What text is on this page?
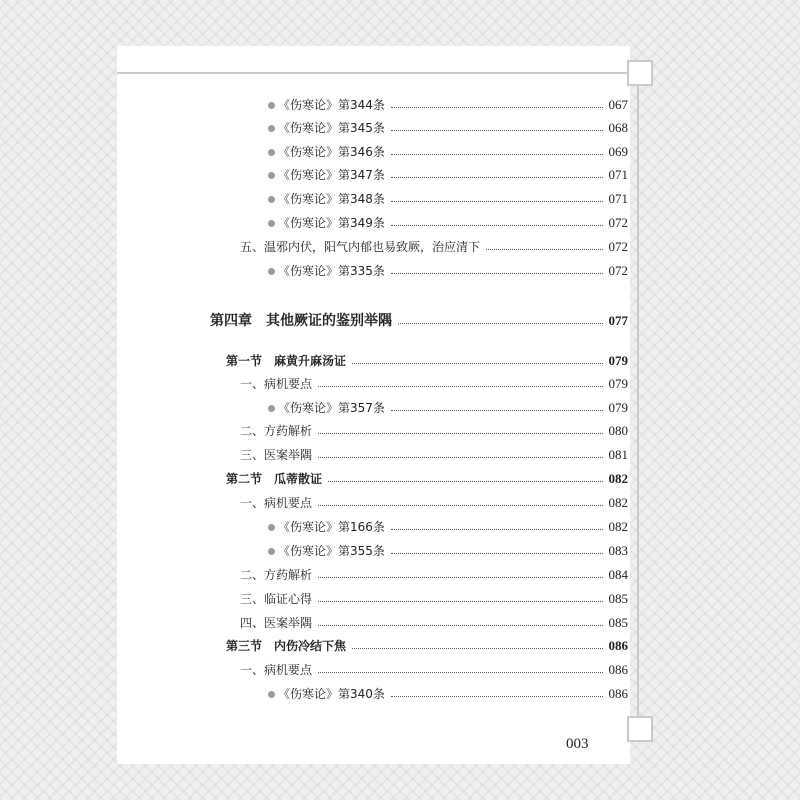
《伤寒论》第344条	067
《伤寒论》第345条	068
《伤寒论》第346条	069
《伤寒论》第347条	071
《伤寒论》第348条	071
《伤寒论》第349条	072
五、温邪内伏，阳气内郁也易致厥，治应清下	072
《伤寒论》第335条	072
第四章　其他厥证的鉴别举隅	077
第一节　麻黄升麻汤证	079
一、病机要点	079
《伤寒论》第357条	079
二、方药解析	080
三、医案举隅	081
第二节　瓜蒂散证	082
一、病机要点	082
《伤寒论》第166条	082
《伤寒论》第355条	083
二、方药解析	084
三、临证心得	085
四、医案举隅	085
第三节　内伤冷结下焦	086
一、病机要点	086
《伤寒论》第340条	086
003
